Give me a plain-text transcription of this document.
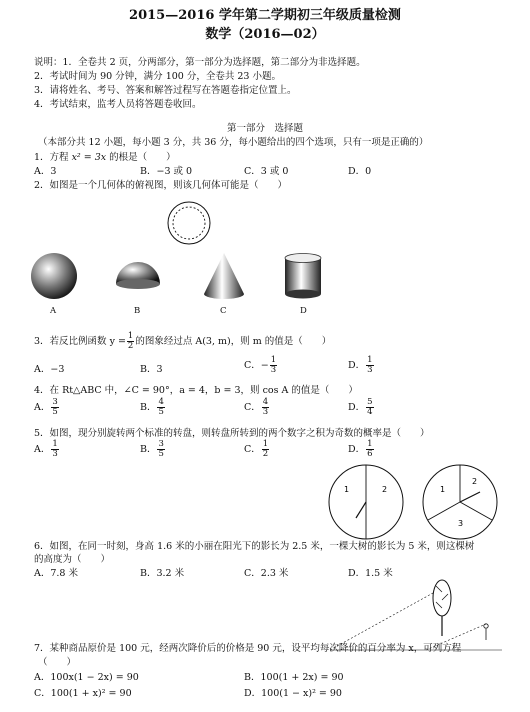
2015—2016 学年第二学期初三年级质量检测
数学（2016—02）
说明：1．全卷共 2 页，分两部分，第一部分为选择题，第二部分为非选择题。
2．考试时间为 90 分钟，满分 100 分，全卷共 23 小题。
3．请将姓名、考号、答案和解答过程写在答题卷指定位置上。
4．考试结束，监考人员将答题卷收回。
第一部分　选择题
（本部分共 12 小题，每小题 3 分，共 36 分，每小题给出的四个选项，只有一项是正确的）
1．方程 x² = 3x 的根是（　　）
A．3	B．−3 或 0	C．3 或 0	D．0
2．如图是一个几何体的俯视图，则该几何体可能是（　　）
A	B	C	D
3．若反比例函数 $y = \frac{1}{2}$ 的图象经过点 A(3, m)，则 m 的值是（　　）
A．−3	B．3	C．− $\frac{1}{3}$	D． $\frac{1}{3}$
4．在 Rt△ABC 中，∠C = 90°，a = 4，b = 3，则 cos A 的值是（　　）
A． $\frac{3}{5}$	B． $\frac{4}{5}$	C． $\frac{4}{3}$	D． $\frac{5}{4}$
5．如图，现分别旋转两个标准的转盘，则转盘所转到的两个数字之积为奇数的概率是（　　）
A． $\frac{1}{3}$	B． $\frac{3}{5}$	C． $\frac{1}{2}$	D． $\frac{1}{6}$
1	2	1
2
3
6．如图，在同一时刻，身高 1.6 米的小丽在阳光下的影长为 2.5 米，一棵大树的影长为 5 米，则这棵树
的高度为（　　）
A．7.8 米	B．3.2 米	C．2.3 米	D．1.5 米
7．某种商品原价是 100 元，经两次降价后的价格是 90 元，设平均每次降价的百分率为 x，可列方程
（　　）
A．100x(1 − 2x) = 90	B．100(1 + 2x) = 90
C．100(1 + x)² = 90	D．100(1 − x)² = 90
